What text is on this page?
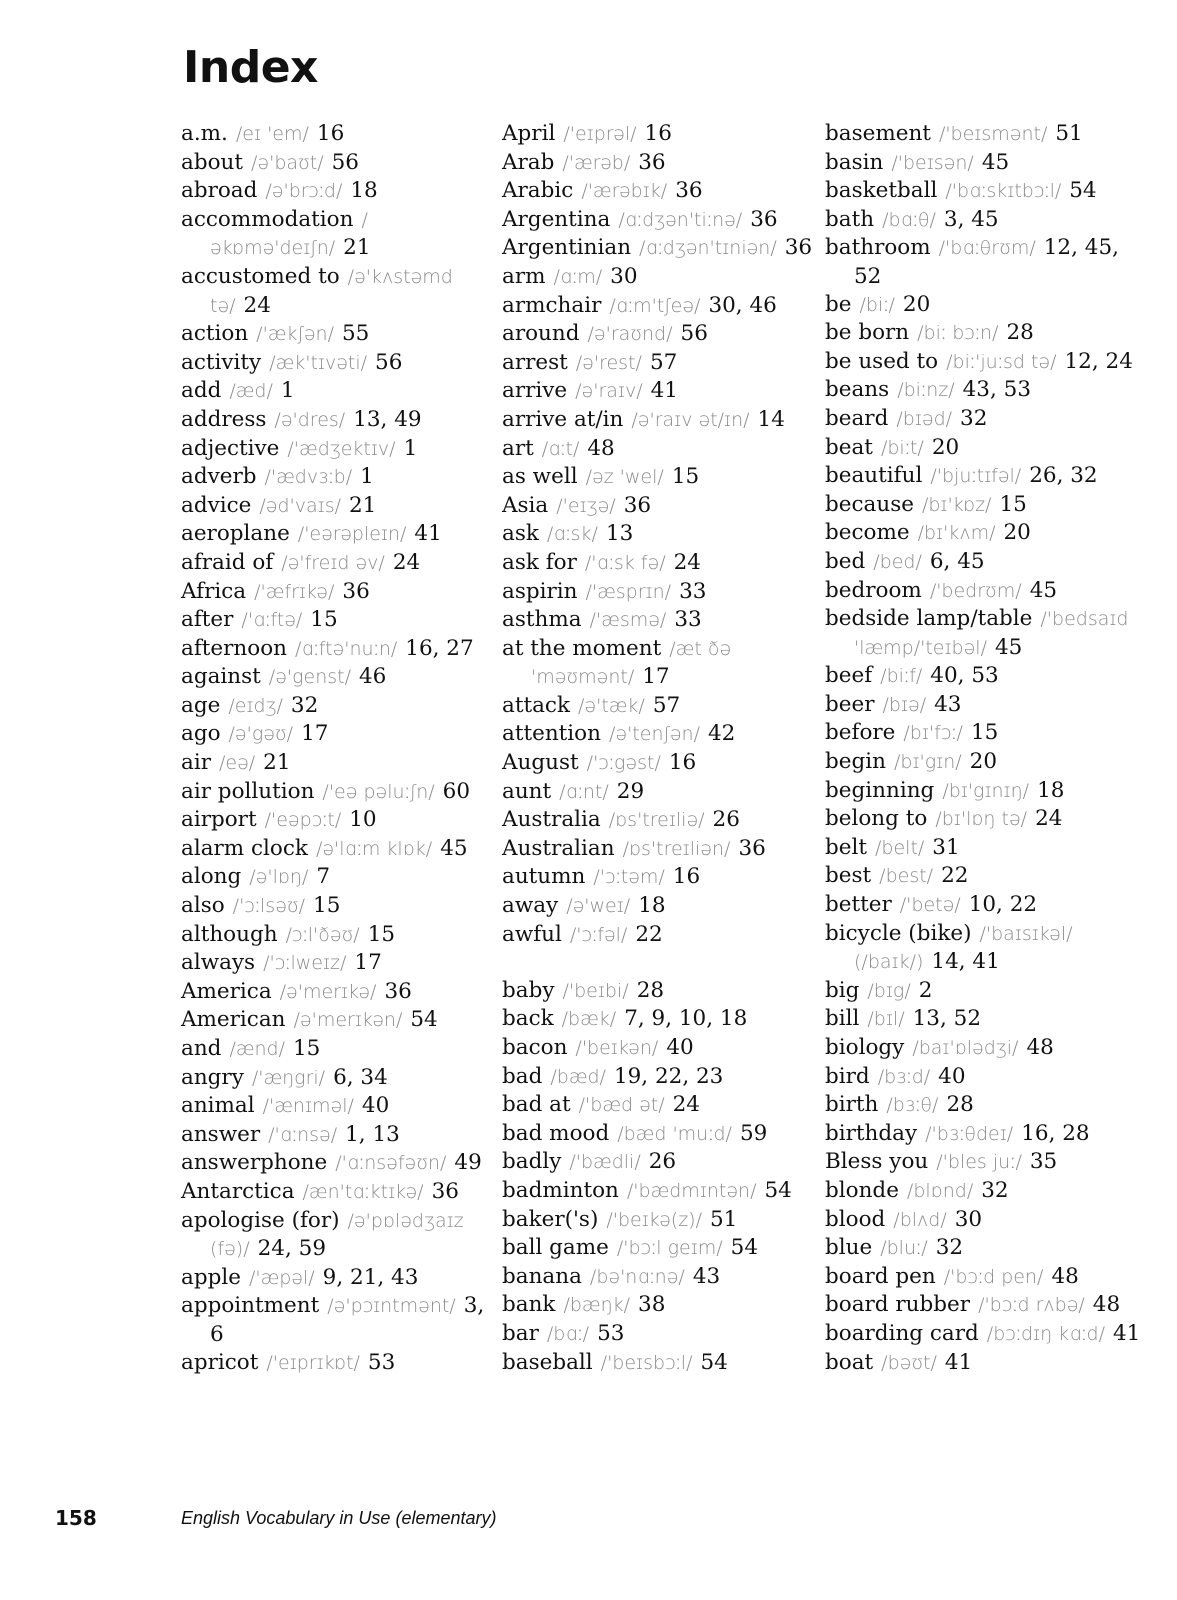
Index
a.m. /eɪ 'em/ 16
about /ə'baʊt/ 56
abroad /ə'brɔːd/ 18
accommodation /əkɒmə'deɪʃn/ 21
accustomed to /ə'kʌstəmd tə/ 24
action /'ækʃən/ 55
activity /æk'tɪvəti/ 56
add /æd/ 1
address /ə'dres/ 13, 49
adjective /'ædʒektɪv/ 1
adverb /'ædvɜːb/ 1
advice /əd'vaɪs/ 21
aeroplane /'eərəpleɪn/ 41
afraid of /ə'freɪd əv/ 24
Africa /'æfrɪkə/ 36
after /'ɑːftə/ 15
afternoon /ɑːftə'nuːn/ 16, 27
against /ə'genst/ 46
age /eɪdʒ/ 32
ago /ə'gəʊ/ 17
air /eə/ 21
air pollution /'eə pəluːʃn/ 60
airport /'eəpɔːt/ 10
alarm clock /ə'lɑːm klɒk/ 45
along /ə'lɒŋ/ 7
also /'ɔːlsəʊ/ 15
although /ɔːl'ðəʊ/ 15
always /'ɔːlweɪz/ 17
America /ə'merɪkə/ 36
American /ə'merɪkən/ 54
and /ænd/ 15
angry /'æŋgri/ 6, 34
animal /'ænɪməl/ 40
answer /'ɑːnsə/ 1, 13
answerphone /'ɑːnsəfəʊn/ 49
Antarctica /æn'tɑːktɪkə/ 36
apologise (for) /ə'pɒlədʒaɪz (fə)/ 24, 59
apple /'æpəl/ 9, 21, 43
appointment /ə'pɔɪntmənt/ 3, 6
apricot /'eɪprɪkɒt/ 53
April /'eɪprəl/ 16
Arab /'ærəb/ 36
Arabic /'ærəbɪk/ 36
Argentina /ɑːdʒən'tiːnə/ 36
Argentinian /ɑːdʒən'tɪniən/ 36
arm /ɑːm/ 30
armchair /ɑːm'tʃeə/ 30, 46
around /ə'raʊnd/ 56
arrest /ə'rest/ 57
arrive /ə'raɪv/ 41
arrive at/in /ə'raɪv ət/ɪn/ 14
art /ɑːt/ 48
as well /əz 'wel/ 15
Asia /'eɪʒə/ 36
ask /ɑːsk/ 13
ask for /'ɑːsk fə/ 24
aspirin /'æsprɪn/ 33
asthma /'æsmə/ 33
at the moment /æt ðə 'məʊmənt/ 17
attack /ə'tæk/ 57
attention /ə'tenʃən/ 42
August /'ɔːgəst/ 16
aunt /ɑːnt/ 29
Australia /ɒs'treɪliə/ 26
Australian /ɒs'treɪliən/ 36
autumn /'ɔːtəm/ 16
away /ə'weɪ/ 18
awful /'ɔːfəl/ 22
baby /'beɪbi/ 28
back /bæk/ 7, 9, 10, 18
bacon /'beɪkən/ 40
bad /bæd/ 19, 22, 23
bad at /'bæd ət/ 24
bad mood /bæd 'muːd/ 59
badly /'bædli/ 26
badminton /'bædmɪntən/ 54
baker('s) /'beɪkə(z)/ 51
ball game /'bɔːl geɪm/ 54
banana /bə'nɑːnə/ 43
bank /bæŋk/ 38
bar /bɑː/ 53
baseball /'beɪsbɔːl/ 54
basement /'beɪsmənt/ 51
basin /'beɪsən/ 45
basketball /'bɑːskɪtbɔːl/ 54
bath /bɑːθ/ 3, 45
bathroom /'bɑːθrʊm/ 12, 45, 52
be /biː/ 20
be born /biː bɔːn/ 28
be used to /biː'juːsd tə/ 12, 24
beans /biːnz/ 43, 53
beard /bɪəd/ 32
beat /biːt/ 20
beautiful /'bjuːtɪfəl/ 26, 32
because /bɪ'kɒz/ 15
become /bɪ'kʌm/ 20
bed /bed/ 6, 45
bedroom /'bedrʊm/ 45
bedside lamp/table /'bedsaɪd 'læmp/'teɪbəl/ 45
beef /biːf/ 40, 53
beer /bɪə/ 43
before /bɪ'fɔː/ 15
begin /bɪ'gɪn/ 20
beginning /bɪ'gɪnɪŋ/ 18
belong to /bɪ'lɒŋ tə/ 24
belt /belt/ 31
best /best/ 22
better /'betə/ 10, 22
bicycle (bike) /'baɪsɪkəl/ (/baɪk/) 14, 41
big /bɪg/ 2
bill /bɪl/ 13, 52
biology /baɪ'ɒlədʒi/ 48
bird /bɜːd/ 40
birth /bɜːθ/ 28
birthday /'bɜːθdeɪ/ 16, 28
Bless you /'bles juː/ 35
blonde /blɒnd/ 32
blood /blʌd/ 30
blue /bluː/ 32
board pen /'bɔːd pen/ 48
board rubber /'bɔːd rʌbə/ 48
boarding card /bɔːdɪŋ kɑːd/ 41
boat /bəʊt/ 41
158	English Vocabulary in Use (elementary)
